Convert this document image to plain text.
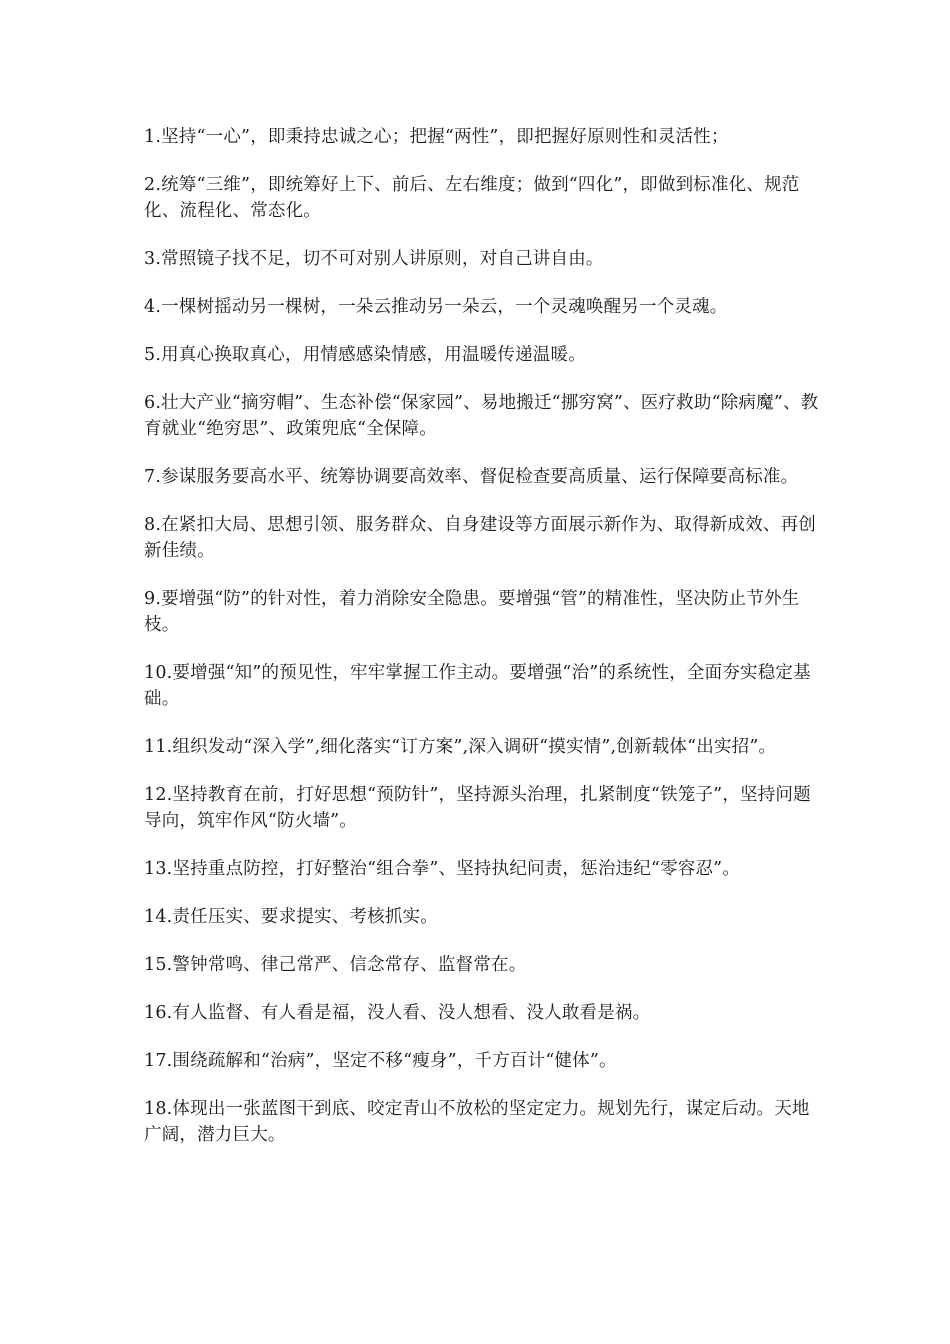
1.坚持“一心”，即秉持忠诚之心；把握“两性”，即把握好原则性和灵活性；

2.统筹“三维”，即统筹好上下、前后、左右维度；做到“四化”，即做到标准化、规范化、流程化、常态化。

3.常照镜子找不足，切不可对别人讲原则，对自己讲自由。

4.一棵树摇动另一棵树，一朵云推动另一朵云，一个灵魂唤醒另一个灵魂。

5.用真心换取真心，用情感感染情感，用温暖传递温暖。

6.壮大产业“摘穷帽”、生态补偿“保家园”、易地搬迁“挪穷窝”、医疗救助“除病魔”、教育就业“绝穷思”、政策兜底“全保障。

7.参谋服务要高水平、统筹协调要高效率、督促检查要高质量、运行保障要高标准。

8.在紧扣大局、思想引领、服务群众、自身建设等方面展示新作为、取得新成效、再创新佳绩。

9.要增强“防”的针对性，着力消除安全隐患。要增强“管”的精准性，坚决防止节外生枝。

10.要增强“知”的预见性，牢牢掌握工作主动。要增强“治”的系统性，全面夯实稳定基础。

11.组织发动“深入学”,细化落实“订方案”,深入调研“摸实情”,创新载体“出实招”。

12.坚持教育在前，打好思想“预防针”，坚持源头治理，扎紧制度“铁笼子”，坚持问题导向，筑牢作风“防火墙”。

13.坚持重点防控，打好整治“组合拳”、坚持执纪问责，惩治违纪“零容忍”。

14.责任压实、要求提实、考核抓实。

15.警钟常鸣、律己常严、信念常存、监督常在。

16.有人监督、有人看是福，没人看、没人想看、没人敢看是祸。

17.围绕疏解和“治病”，坚定不移“瘦身”，千方百计“健体”。

18.体现出一张蓝图干到底、咬定青山不放松的坚定定力。规划先行，谋定后动。天地广阔，潜力巨大。
